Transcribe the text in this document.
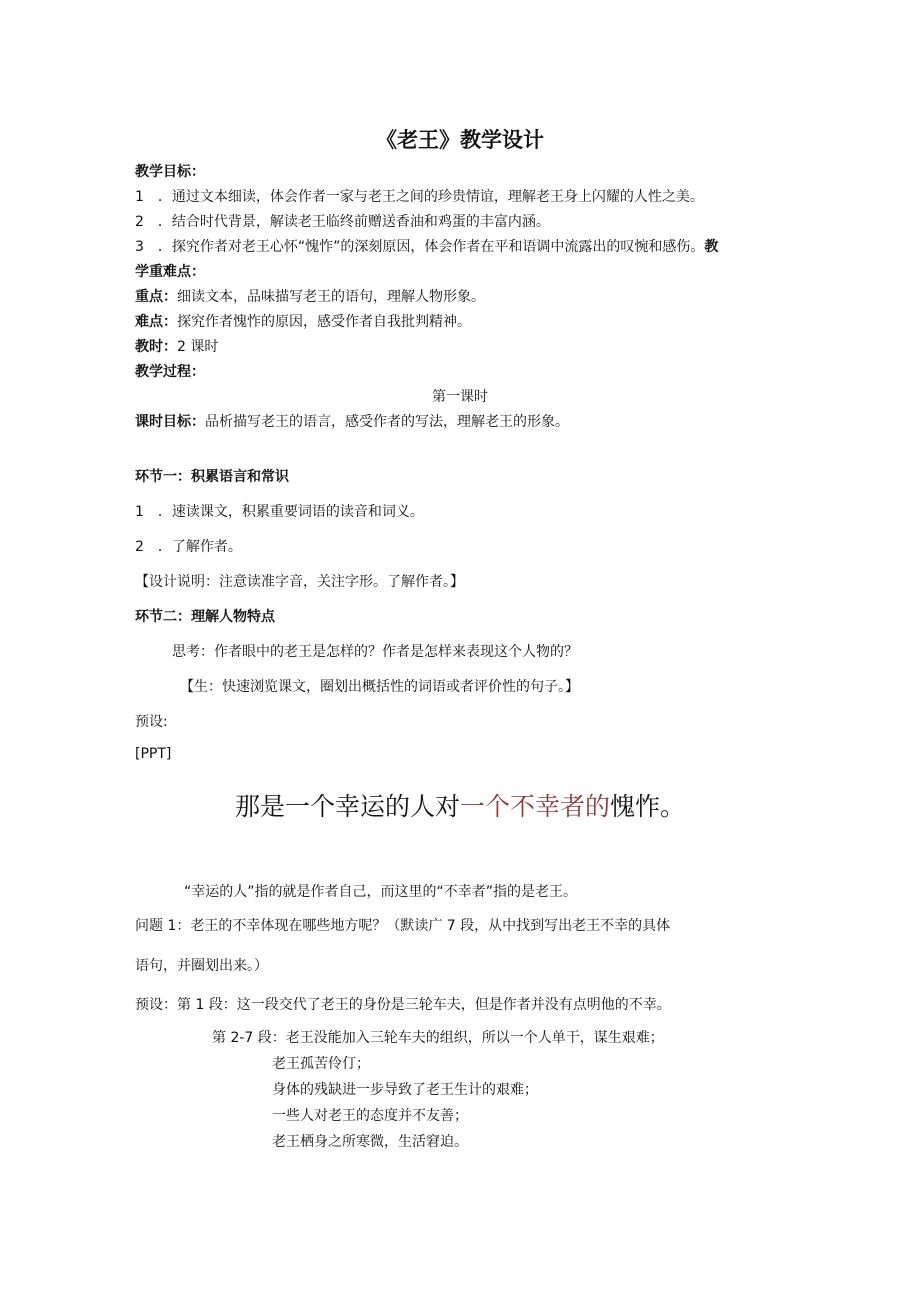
《老王》教学设计
教学目标：
1　．通过文本细读，体会作者一家与老王之间的珍贵情谊，理解老王身上闪耀的人性之美。
2　．结合时代背景，解读老王临终前赠送香油和鸡蛋的丰富内涵。
3　．探究作者对老王心怀“愧怍”的深刻原因，体会作者在平和语调中流露出的叹惋和感伤。教
学重难点：
重点：细读文本，品味描写老王的语句，理解人物形象。
难点：探究作者愧怍的原因，感受作者自我批判精神。
教时：2 课时
教学过程：
第一课时
课时目标：品析描写老王的语言，感受作者的写法，理解老王的形象。
环节一：积累语言和常识
1　．速读课文，积累重要词语的读音和词义。
2　．了解作者。
【设计说明：注意读准字音，关注字形。了解作者。】
环节二：理解人物特点
思考：作者眼中的老王是怎样的？作者是怎样来表现这个人物的？
【生：快速浏览课文，圈划出概括性的词语或者评价性的句子。】
预设:
[PPT]
那是一个幸运的人对一个不幸者的愧怍。
“幸运的人”指的就是作者自己，而这里的“不幸者”指的是老王。
问题 1：老王的不幸体现在哪些地方呢？（默读广 7 段，从中找到写出老王不幸的具体
语句，并圈划出来。）
预设：第 1 段：这一段交代了老王的身份是三轮车夫，但是作者并没有点明他的不幸。
第 2-7 段：老王没能加入三轮车夫的组织，所以一个人单干，谋生艰难；
老王孤苦伶仃；
身体的残缺进一步导致了老王生计的艰难；
一些人对老王的态度并不友善；
老王栖身之所寒微，生活窘迫。
